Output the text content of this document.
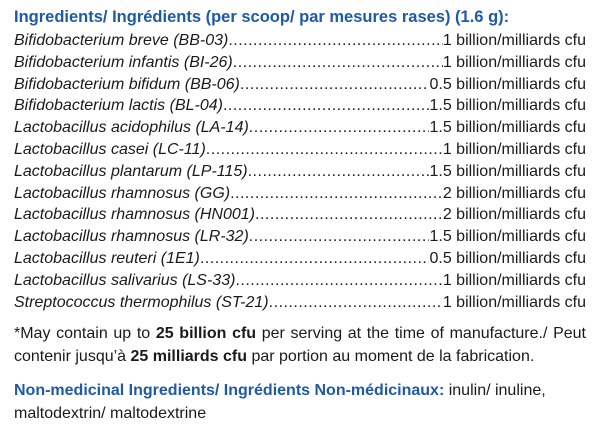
Ingredients/ Ingrédients (per scoop/ par mesures rases) (1.6 g):
Bifidobacterium breve (BB-03) .....	1 billion/milliards cfu
Bifidobacterium infantis (BI-26) .....	1 billion/milliards cfu
Bifidobacterium bifidum (BB-06) .....	0.5 billion/milliards cfu
Bifidobacterium lactis (BL-04) .....	1.5 billion/milliards cfu
Lactobacillus acidophilus (LA-14) .....	1.5 billion/milliards cfu
Lactobacillus casei (LC-11) .....	1 billion/milliards cfu
Lactobacillus plantarum (LP-115) .....	1.5 billion/milliards cfu
Lactobacillus rhamnosus (GG) .....	2 billion/milliards cfu
Lactobacillus rhamnosus (HN001) .....	2 billion/milliards cfu
Lactobacillus rhamnosus (LR-32) .....	1.5 billion/milliards cfu
Lactobacillus reuteri (1E1) .....	0.5 billion/milliards cfu
Lactobacillus salivarius (LS-33) .....	1 billion/milliards cfu
Streptococcus thermophilus (ST-21) .....	1 billion/milliards cfu
*May contain up to 25 billion cfu per serving at the time of manufacture./ Peut contenir jusqu’à 25 milliards cfu par portion au moment de la fabrication.
Non-medicinal Ingredients/ Ingrédients Non-médicinaux: inulin/ inuline, maltodextrin/ maltodextrine
